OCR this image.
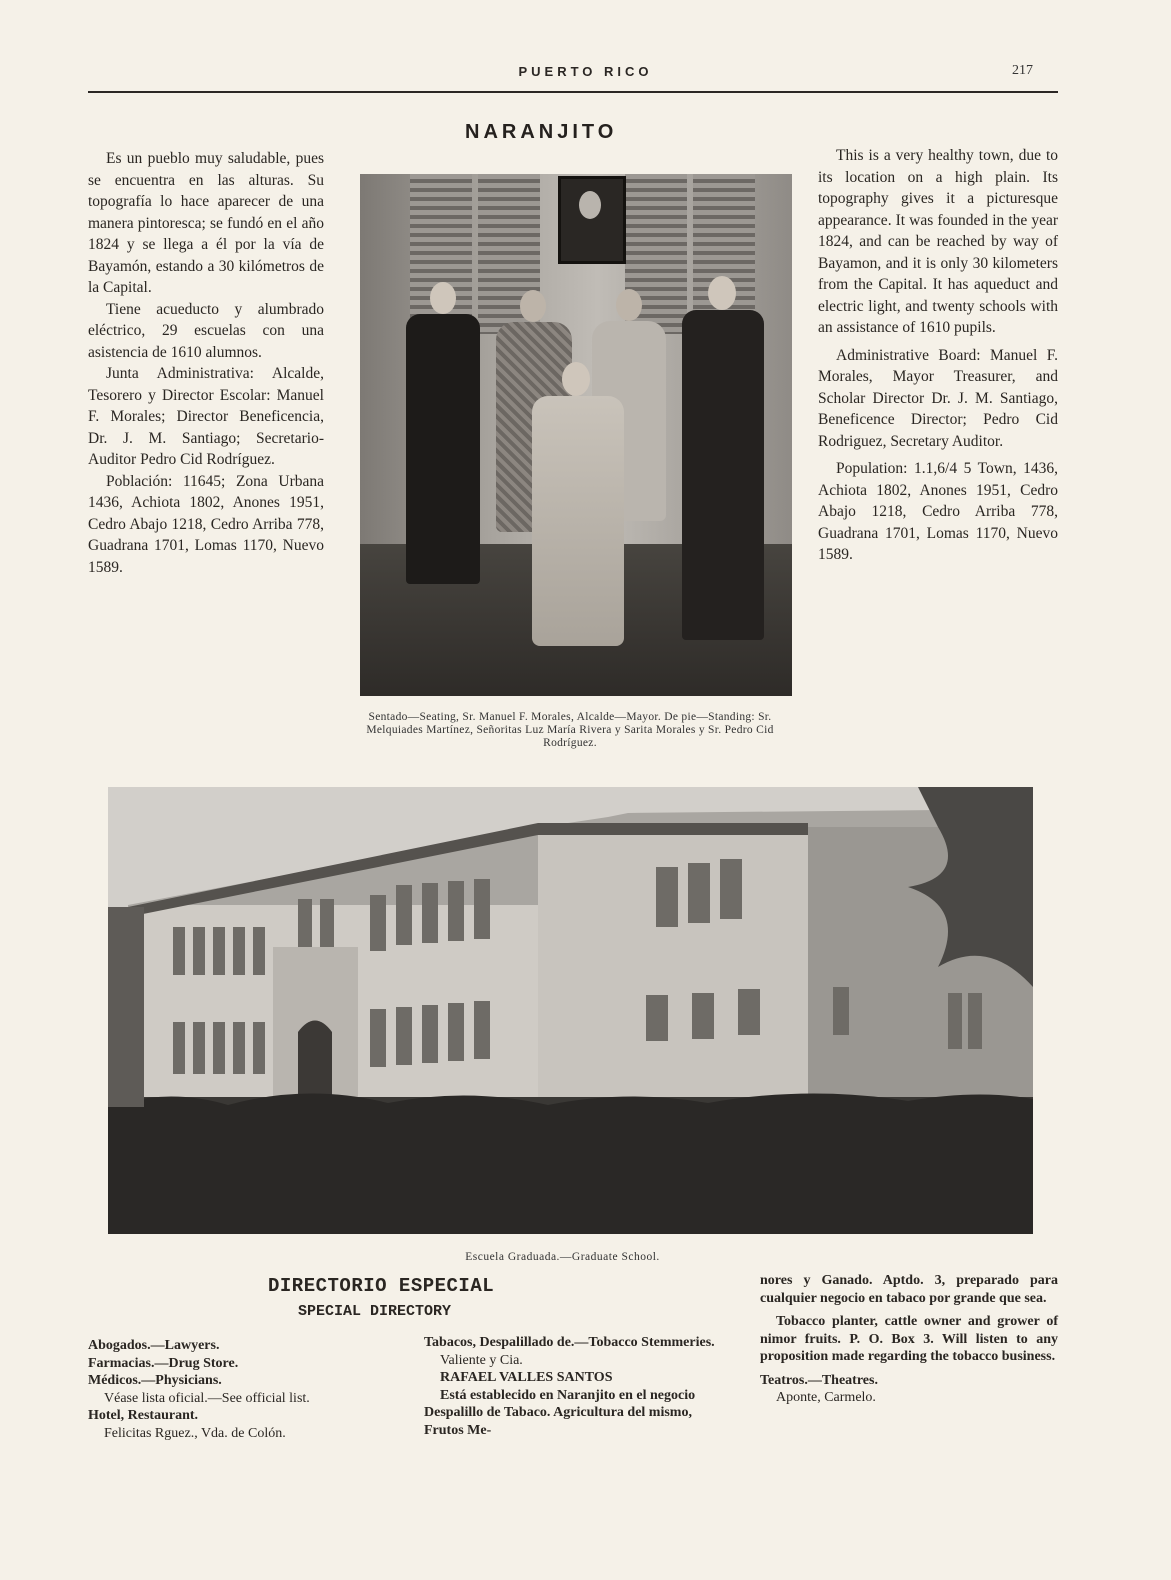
PUERTO RICO	217
NARANJITO

Es un pueblo muy saludable, pues se encuentra en las alturas. Su topografía lo hace aparecer de una manera pintoresca; se fundó en el año 1824 y se llega a él por la vía de Bayamón, estando a 30 kilómetros de la Capital.

Tiene acueducto y alumbrado eléctrico, 29 escuelas con una asistencia de 1610 alumnos.

Junta Administrativa: Alcalde, Tesorero y Director Escolar: Manuel F. Morales; Director Beneficencia, Dr. J. M. Santiago; Secretario-Auditor Pedro Cid Rodríguez.

Población: 11645; Zona Urbana 1436, Achiota 1802, Anones 1951, Cedro Abajo 1218, Cedro Arriba 778, Guadrana 1701, Lomas 1170, Nuevo 1589.

Sentado—Seating, Sr. Manuel F. Morales, Alcalde—Mayor. De pie—Standing: Sr. Melquiades Martínez, Señoritas Luz María Rivera y Sarita Morales y Sr. Pedro Cid Rodríguez.

This is a very healthy town, due to its location on a high plain. Its topography gives it a picturesque appearance. It was founded in the year 1824, and can be reached by way of Bayamon, and it is only 30 kilometers from the Capital. It has aqueduct and electric light, and twenty schools with an assistance of 1610 pupils.

Administrative Board: Manuel F. Morales, Mayor Treasurer, and Scholar Director Dr. J. M. Santiago, Beneficence Director; Pedro Cid Rodriguez, Secretary Auditor.

Population: 1.1,6/4 5 Town, 1436, Achiota 1802, Anones 1951, Cedro Abajo 1218, Cedro Arriba 778, Guadrana 1701, Lomas 1170, Nuevo 1589.

Escuela Graduada.—Graduate School.
DIRECTORIO ESPECIAL
SPECIAL DIRECTORY
Abogados.—Lawyers.
Farmacias.—Drug Store.
Médicos.—Physicians.
Véase lista oficial.—See official list.
Hotel, Restaurant.
Felicitas Rguez., Vda. de Colón.
Tabacos, Despalillado de.—Tobacco Stemmeries.
Valiente y Cia.
RAFAEL VALLES SANTOS
Está establecido en Naranjito en el negocio Despalillo de Tabaco. Agricultura del mismo, Frutos Me-
nores y Ganado. Aptdo. 3, preparado para cualquier negocio en tabaco por grande que sea.
Tobacco planter, cattle owner and grower of nimor fruits. P. O. Box 3. Will listen to any proposition made regarding the tobacco business.
Teatros.—Theatres.
Aponte, Carmelo.
